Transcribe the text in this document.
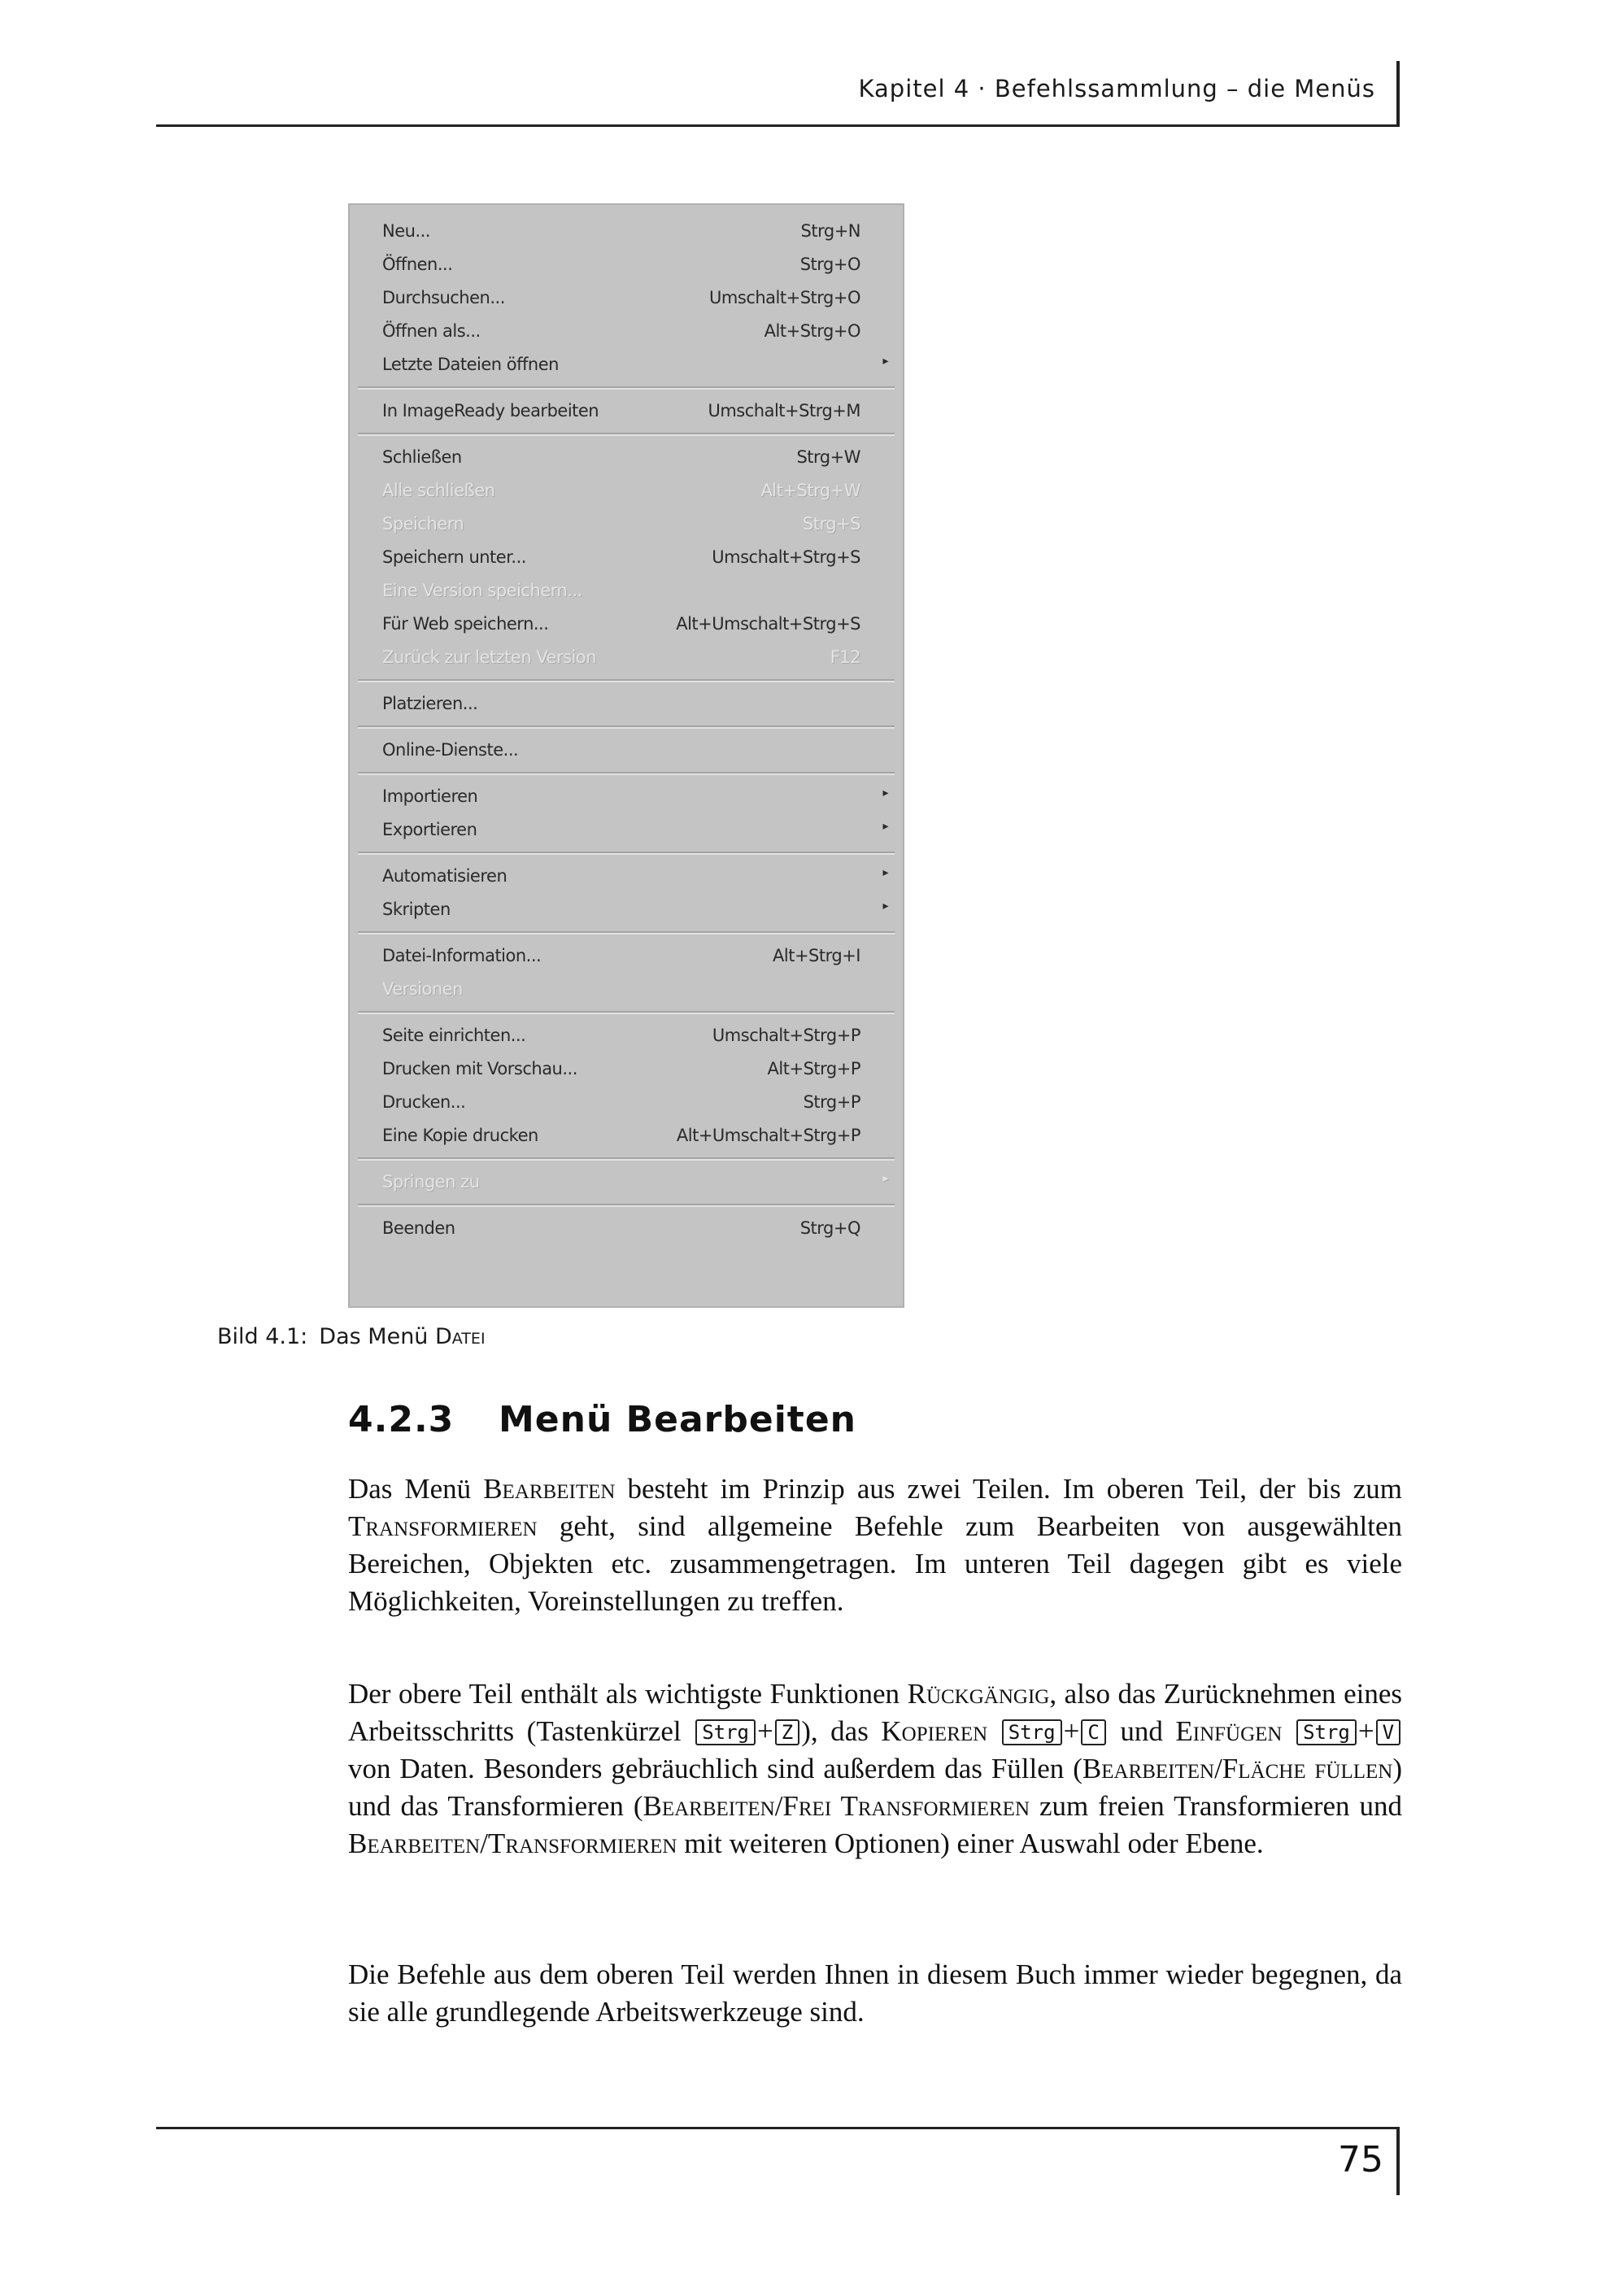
Kapitel 4 · Befehlssammlung – die Menüs
Neu...	Strg+N
Öffnen...	Strg+O
Durchsuchen...	Umschalt+Strg+O
Öffnen als...	Alt+Strg+O
Letzte Dateien öffnen	▸
In ImageReady bearbeiten	Umschalt+Strg+M
Schließen	Strg+W
Alle schließen	Alt+Strg+W
Speichern	Strg+S
Speichern unter...	Umschalt+Strg+S
Eine Version speichern...
Für Web speichern...	Alt+Umschalt+Strg+S
Zurück zur letzten Version	F12
Platzieren...
Online-Dienste...
Importieren	▸
Exportieren	▸
Automatisieren	▸
Skripten	▸
Datei-Information...	Alt+Strg+I
Versionen
Seite einrichten...	Umschalt+Strg+P
Drucken mit Vorschau...	Alt+Strg+P
Drucken...	Strg+P
Eine Kopie drucken	Alt+Umschalt+Strg+P
Springen zu	▸
Beenden	Strg+Q
Bild 4.1: Das Menü Datei
4.2.3 Menü Bearbeiten
Das Menü Bearbeiten besteht im Prinzip aus zwei Teilen. Im oberen Teil, der bis zum Transformieren geht, sind allgemeine Befehle zum Bearbeiten von ausgewählten Bereichen, Objekten etc. zusammengetragen. Im unteren Teil dagegen gibt es viele Möglichkeiten, Voreinstellungen zu treffen.
Der obere Teil enthält als wichtigste Funktionen Rückgängig, also das Zurücknehmen eines Arbeitsschritts (Tastenkürzel Strg + Z ), das Kopieren Strg + C und Einfügen Strg + V von Daten. Besonders gebräuchlich sind außerdem das Füllen (Bearbeiten/Fläche füllen) und das Transformieren (Bearbeiten/Frei Transformieren zum freien Transformieren und Bearbeiten/Transformieren mit weiteren Optionen) einer Auswahl oder Ebene.
Die Befehle aus dem oberen Teil werden Ihnen in diesem Buch immer wieder begegnen, da sie alle grundlegende Arbeitswerkzeuge sind.
75
